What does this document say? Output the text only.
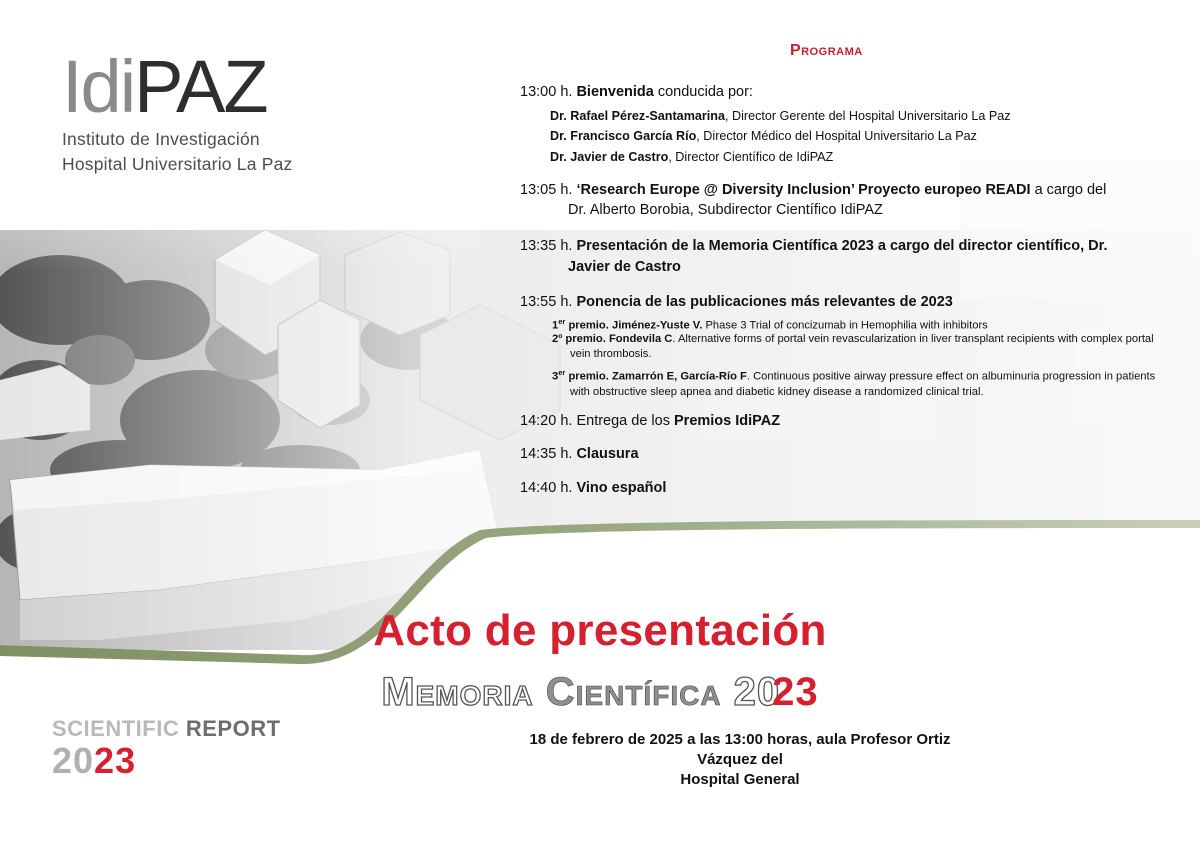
IdiPAZ
Instituto de Investigación
Hospital Universitario La Paz
Programa
13:00 h. Bienvenida conducida por:
Dr. Rafael Pérez-Santamarina, Director Gerente del Hospital Universitario La Paz
Dr. Francisco García Río, Director Médico del Hospital Universitario La Paz
Dr. Javier de Castro, Director Científico de IdiPAZ
13:05 h. ‘Research Europe @ Diversity Inclusion’ Proyecto europeo READI a cargo del
Dr. Alberto Borobia, Subdirector Científico IdiPAZ
13:35 h. Presentación de la Memoria Científica 2023 a cargo del director científico, Dr.
Javier de Castro
13:55 h. Ponencia de las publicaciones más relevantes de 2023
1er premio. Jiménez-Yuste V. Phase 3 Trial of concizumab in Hemophilia with inhibitors
2º premio. Fondevila C. Alternative forms of portal vein revascularization in liver transplant recipients with complex portal
vein thrombosis.
3er premio. Zamarrón E, García-Río F. Continuous positive airway pressure effect on albuminuria progression in patients
with obstructive sleep apnea and diabetic kidney disease a randomized clinical trial.
14:20 h. Entrega de los Premios IdiPAZ
14:35 h. Clausura
14:40 h. Vino español
Acto de presentación
Memoria Científica 2023
18 de febrero de 2025 a las 13:00 horas, aula Profesor Ortiz Vázquez del
Hospital General
SCIENTIFIC REPORT
2023
